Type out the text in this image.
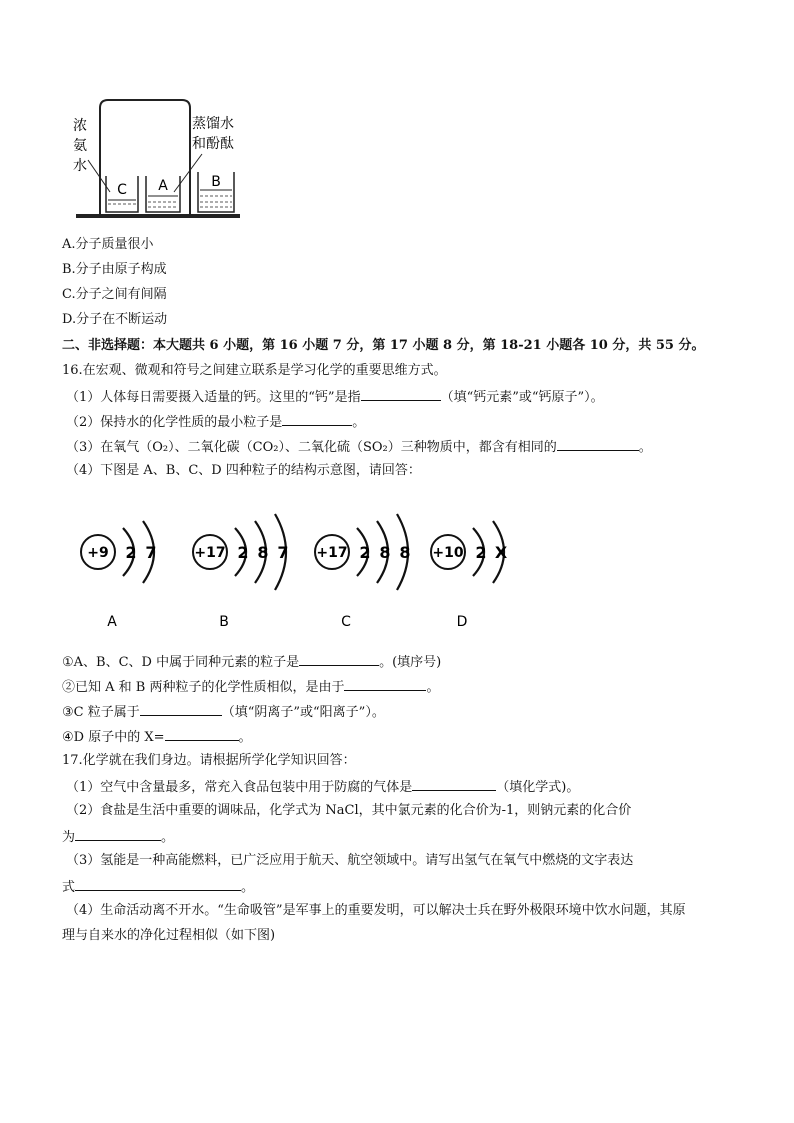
C A	B
浓
氨
水
蒸馏水
和酚酞
A.分子质量很小
B.分子由原子构成
C.分子之间有间隔
D.分子在不断运动
二、非选择题：本大题共 6 小题，第 16 小题 7 分，第 17 小题 8 分，第 18-21 小题各 10 分，共 55 分。
16.在宏观、微观和符号之间建立联系是学习化学的重要思维方式。
（1）人体每日需要摄入适量的钙。这里的“钙”是指	（填“钙元素”或“钙原子”）。
（2）保持水的化学性质的最小粒子是	。
（3）在氧气（O₂）、二氧化碳（CO₂）、二氧化硫（SO₂）三种物质中，都含有相同的	。
（4）下图是 A、B、C、D 四种粒子的结构示意图，请回答：
+9 2 7
A
+17 2 8 7
B
+17 2 8 8
C
+10 2 X
D
①A、B、C、D 中属于同种元素的粒子是	。(填序号)
②已知 A 和 B 两种粒子的化学性质相似，是由于	。
③C 粒子属于	（填“阴离子”或“阳离子”）。
④D 原子中的 X=	。
17.化学就在我们身边。请根据所学化学知识回答：
（1）空气中含量最多，常充入食品包装中用于防腐的气体是	（填化学式)。
（2）食盐是生活中重要的调味品，化学式为 NaCl，其中氯元素的化合价为-1，则钠元素的化合价
为	。
（3）氢能是一种高能燃料，已广泛应用于航天、航空领域中。请写出氢气在氧气中燃烧的文字表达
式	。
（4）生命活动离不开水。“生命吸管”是军事上的重要发明，可以解决士兵在野外极限环境中饮水问题，其原
理与自来水的净化过程相似（如下图)
